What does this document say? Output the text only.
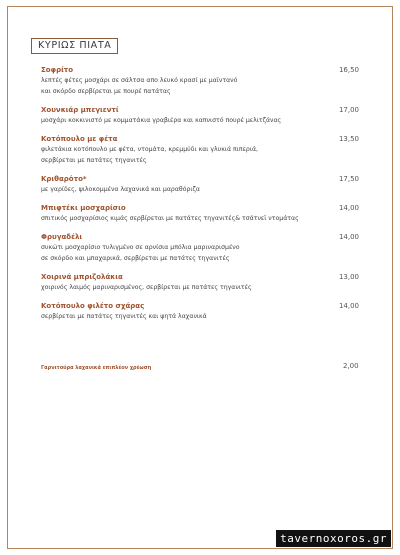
ΚΥΡΙΩΣ ΠΙΑΤΑ
Σοφρίτο	16,50
λεπτές φέτες μοσχάρι σε σάλτσα απο λευκό κρασί με μαϊντανό
και σκόρδο σερβίρεται με πουρέ πατάτας
Χουνκιάρ μπεγιεντί	17,00
μοσχάρι κοκκινιστό με κομματάκια γραβιέρα και καπνιστό πουρέ μελιτζάνας
Κοτόπουλο με φέτα	13,50
φιλετάκια κοτόπουλο με φέτα, ντομάτα, κρεμμύδι και γλυκιά πιπεριά,
σερβίρεται με πατάτες τηγανιτές
Κριθαρότο*	17,50
με γαρίδες, ψιλοκομμένα λαχανικά και μαραθόριζα
Μπιφτέκι μοσχαρίσιο	14,00
σπιτικός μοσχαρίσιος κιμάς σερβίρεται με πατάτες τηγανιτές& τσάτνεϊ ντομάτας
Φρυγαδέλι	14,00
συκώτι μοσχαρίσιο τυλιγμένο σε αρνίσια μπόλια μαριναρισμένο
σε σκόρδο και μπαχαρικά, σερβίρεται με πατάτες τηγανιτές
Χοιρινά μπριζολάκια	13,00
χοιρινός λαιμός μαριναρισμένος, σερβίρεται με πατάτες τηγανιτές
Κοτόπουλο φιλέτο σχάρας	14,00
σερβίρεται με πατάτες τηγανιτές και ψητά λαχανικά
Γαρνιτούρα λαχανικά επιπλέον χρέωση	2,00
tavernoxoros.gr
